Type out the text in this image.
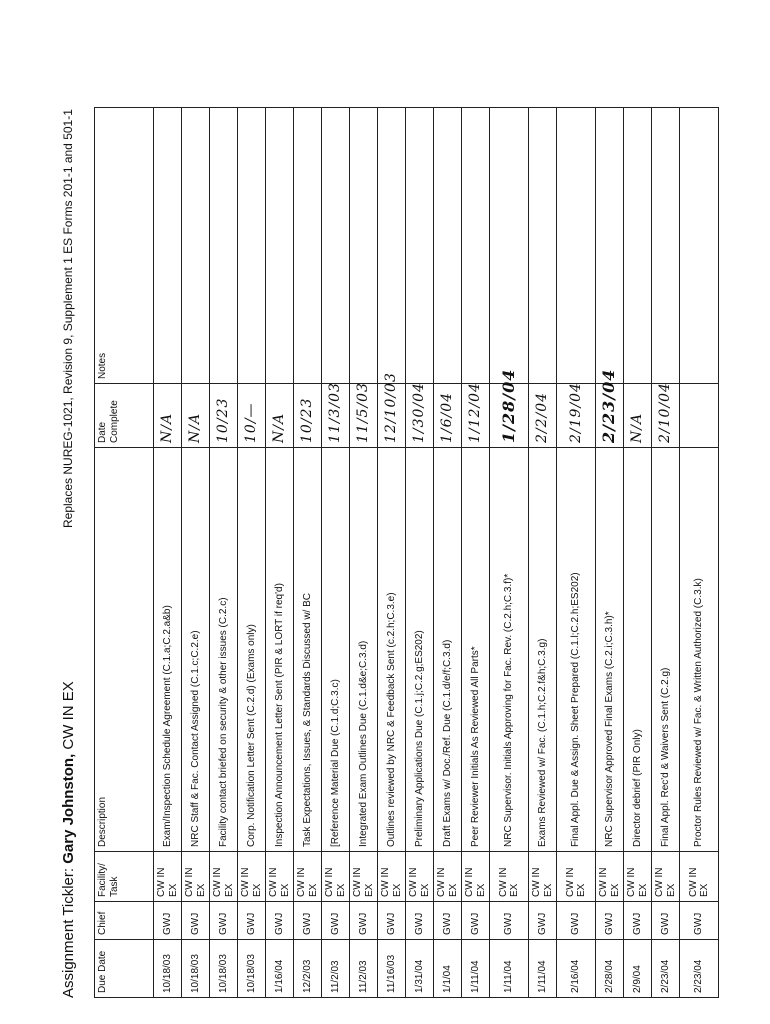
Assignment Tickler: Gary Johnston, CW IN EX
Replaces NUREG-1021, Revision 9, Supplement 1 ES Forms 201-1 and 501-1
Due Date	Chief	Facility/ Task	Description	Date Complete	Notes
10/18/03	GWJ	CW IN EX	Exam/Inspection Schedule Agreement (C.1.a;C.2.a&b)	N/A	
10/18/03	GWJ	CW IN EX	NRC Staff & Fac. Contact Assigned (C.1.c;C.2.e)	N/A	
10/18/03	GWJ	CW IN EX	Facility contact briefed on security & other issues (C.2.c)	10/23	
10/18/03	GWJ	CW IN EX	Corp. Notification Letter Sent (C.2.d) (Exams only)	10/—	
1/16/04	GWJ	CW IN EX	Inspection Announcement Letter Sent (PIR & LORT if req'd)	N/A	
12/2/03	GWJ	CW IN EX	Task Expectations, Issues, & Standards Discussed w/ BC	10/23	
11/2/03	GWJ	CW IN EX	[Reference Material Due (C.1.d;C.3.c)	11/3/03	
11/2/03	GWJ	CW IN EX	Integrated Exam Outlines Due (C.1.d&e;C.3.d)	11/5/03	
11/16/03	GWJ	CW IN EX	Outlines reviewed by NRC & Feedback Sent (c.2.h;C.3.e)	12/10/03	
1/31/04	GWJ	CW IN EX	Preliminary Applications Due (C.1.j;C.2.g;ES202)	1/30/04	
1/1/04	GWJ	CW IN EX	Draft Exams w/ Doc./Ref. Due (C.1.d/e/f;C.3.d)	1/6/04	
1/11/04	GWJ	CW IN EX	Peer Reviewer Initials As Reviewed All Parts*	1/12/04	
1/11/04	GWJ	CW IN EX	NRC Supervisor. Initials Approving for Fac. Rev. (C.2.h;C.3.f)*	1/28/04	
1/11/04	GWJ	CW IN EX	Exams Reviewed w/ Fac. (C.1.h;C.2.f&h;C.3.g)	2/2/04	
2/16/04	GWJ	CW IN EX	Final Appl. Due & Assign. Sheet Prepared (C.1.l;C.2.h;ES202)	2/19/04	
2/28/04	GWJ	CW IN EX	NRC Supervisor Approved Final Exams (C.2.i;C.3.h)*	2/23/04	
2/9/04	GWJ	CW IN EX	Director debrief (PIR Only)	N/A	
2/23/04	GWJ	CW IN EX	Final Appl. Rec'd & Waivers Sent (C.2.g)	2/10/04	
2/23/04	GWJ	CW IN EX	Proctor Rules Reviewed w/ Fac. & Written Authorized (C.3.k)		
